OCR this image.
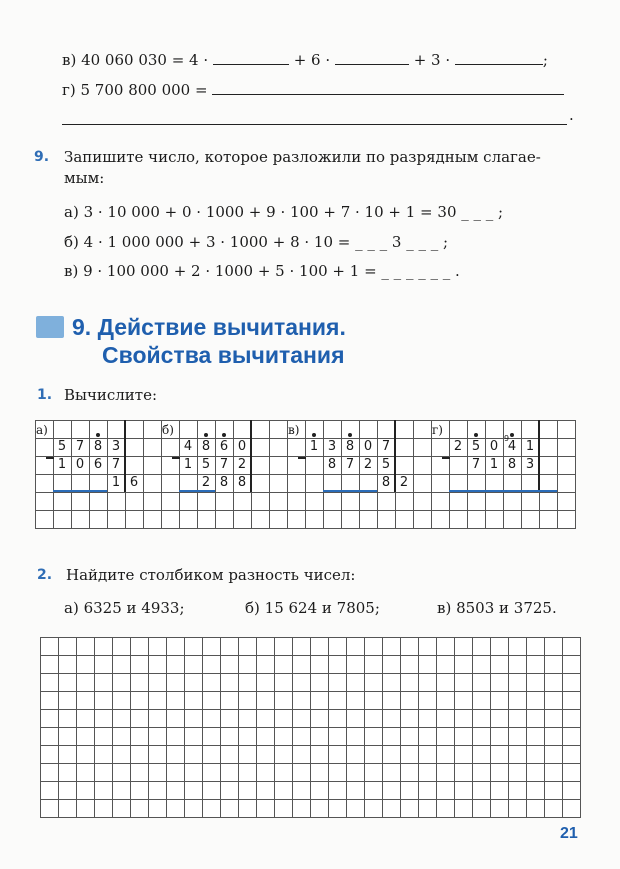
в) 40 060 030 = 4 ·	+ 6 ·	+ 3 ·	;
г) 5 700 800 000 =
.
9. Запишите число, которое разложили по разрядным слагае-
мым:
а) 3 · 10 000 + 0 · 1000 + 9 · 100 + 7 · 10 + 1 = 30 _ _ _ ;
б) 4 · 1 000 000 + 3 · 1000 + 8 · 10 = _ _ _ 3 _ _ _ ;
в) 9 · 100 000 + 2 · 1000 + 5 · 100 + 1 = _ _ _ _ _ _ .
9. Действие вычитания.
Свойства вычитания
1. Вычислите:
а)	б)	в)	г)
9
5 7 8 3
1 0 6 7
1 6
4 8 6 0
1 5 7 2
2 8 8
1 3 8 0 7
8 7 2 5
8 2
2 5 0 4 1
7 1 8 3
2. Найдите столбиком разность чисел:
а) 6325 и 4933;	б) 15 624 и 7805;	в) 8503 и 3725.
21
